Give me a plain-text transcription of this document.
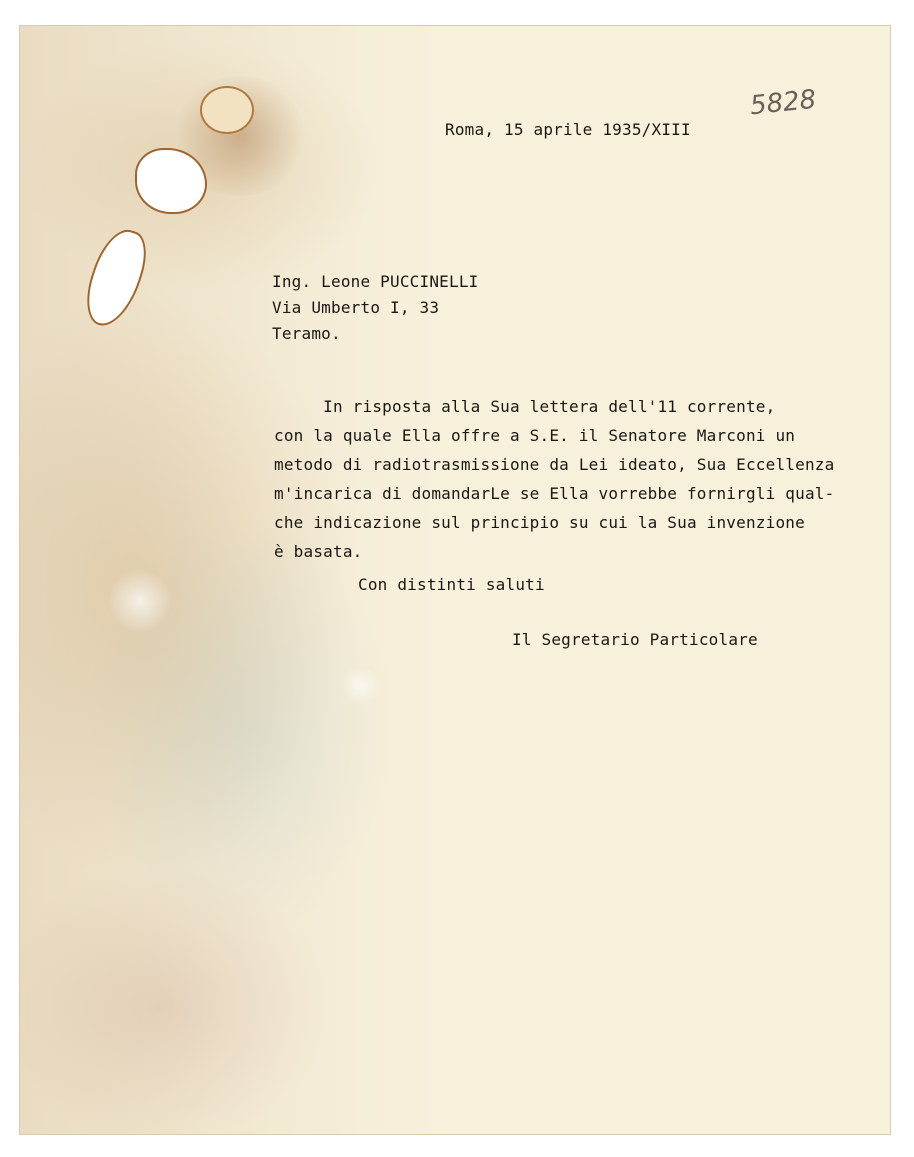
5828
Roma, 15 aprile 1935/XIII
Ing. Leone PUCCINELLI
Via Umberto I, 33
Teramo.
In risposta alla Sua lettera dell'11 corrente,
con la quale Ella offre a S.E. il Senatore Marconi un
metodo di radiotrasmissione da Lei ideato, Sua Eccellenza
m'incarica di domandarLe se Ella vorrebbe fornirgli qual-
che indicazione sul principio su cui la Sua invenzione
è basata.
Con distinti saluti
Il Segretario Particolare
